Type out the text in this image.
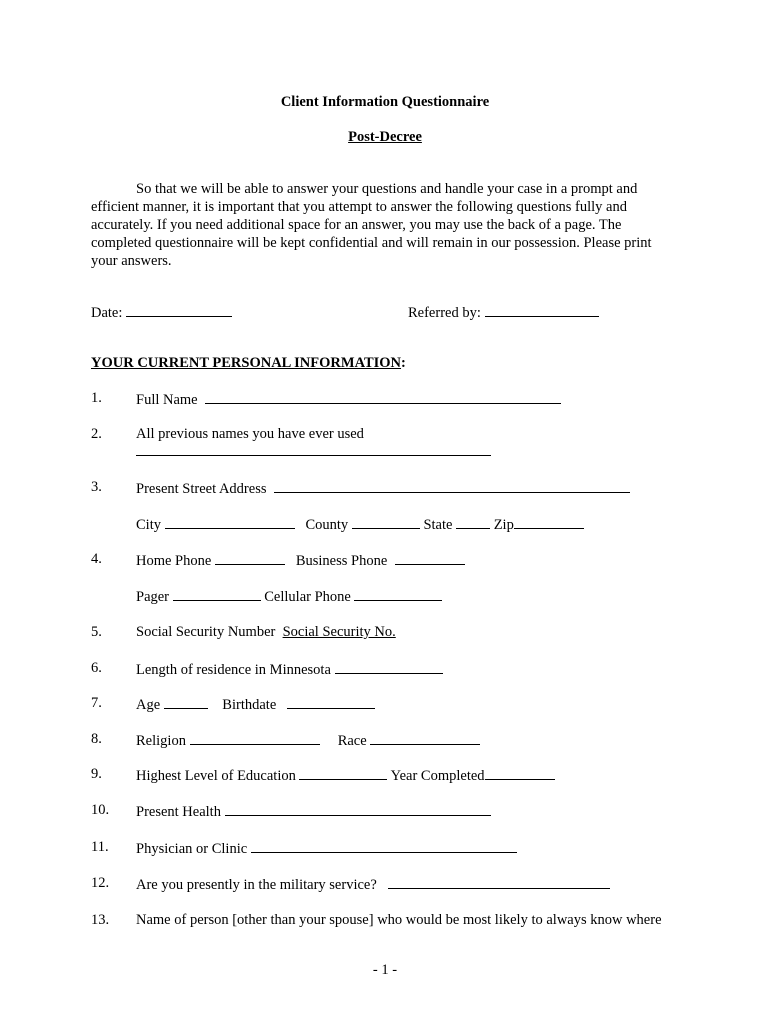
Client Information Questionnaire
Post-Decree

So that we will be able to answer your questions and handle your case in a prompt and efficient manner, it is important that you attempt to answer the following questions fully and accurately. If you need additional space for an answer, you may use the back of a page. The completed questionnaire will be kept confidential and will remain in our possession. Please print your answers.

Date:	Referred by:
YOUR CURRENT PERSONAL INFORMATION:
1. Full Name
2. All previous names you have ever used
3. Present Street Address
City	County	State	Zip
4. Home Phone	Business Phone
Pager	Cellular Phone
5. Social Security Number Social Security No.
6. Length of residence in Minnesota
7. Age	Birthdate
8. Religion	Race
9. Highest Level of Education	Year Completed
10. Present Health
11. Physician or Clinic
12. Are you presently in the military service?
13. Name of person [other than your spouse] who would be most likely to always know where
- 1 -
